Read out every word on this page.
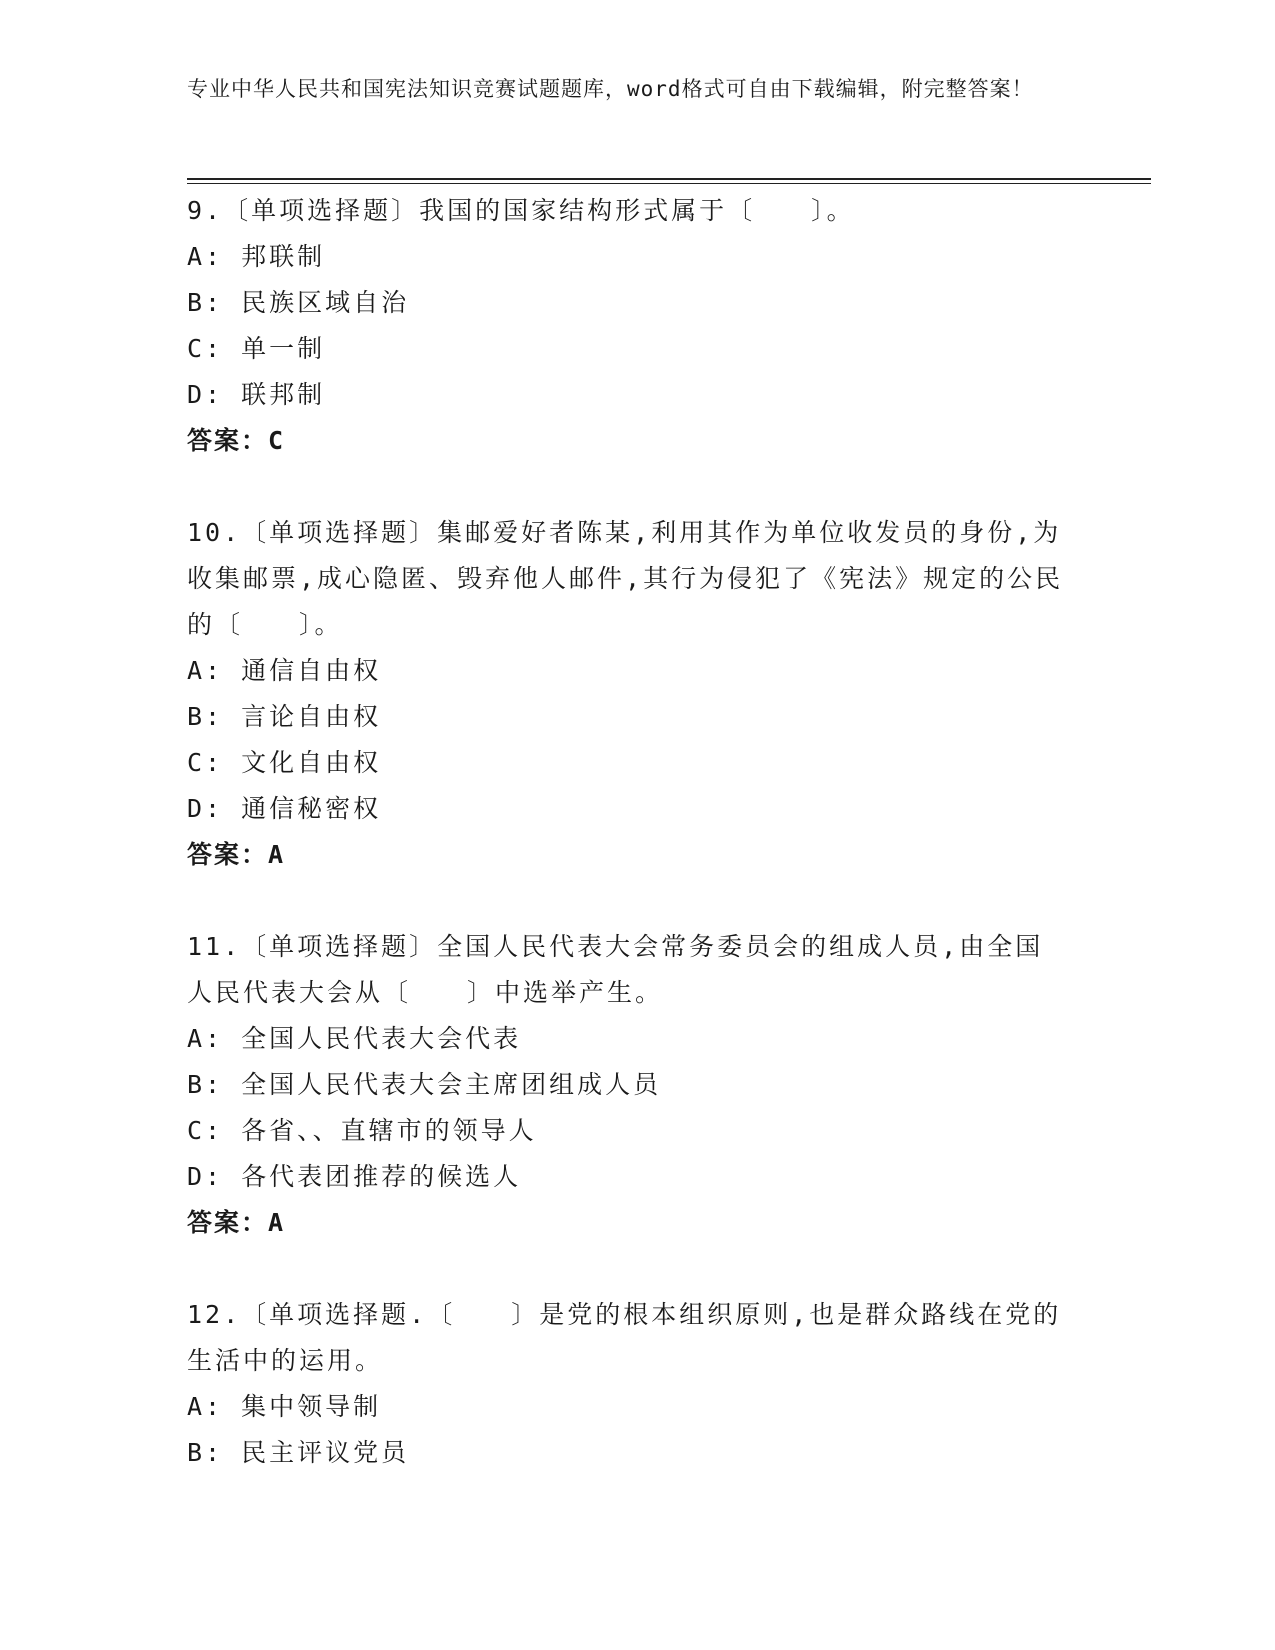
专业中华人民共和国宪法知识竞赛试题题库，word格式可自由下载编辑，附完整答案！
9.〔单项选择题〕我国的国家结构形式属于〔　　〕。
A: 邦联制
B: 民族区域自治
C: 单一制
D: 联邦制
答案：C
10.〔单项选择题〕集邮爱好者陈某,利用其作为单位收发员的身份,为收集邮票,成心隐匿、毁弃他人邮件,其行为侵犯了《宪法》规定的公民的〔　　〕。
A: 通信自由权
B: 言论自由权
C: 文化自由权
D: 通信秘密权
答案：A
11.〔单项选择题〕全国人民代表大会常务委员会的组成人员,由全国人民代表大会从〔　　〕中选举产生。
A: 全国人民代表大会代表
B: 全国人民代表大会主席团组成人员
C: 各省、、直辖市的领导人
D: 各代表团推荐的候选人
答案：A
12.〔单项选择题.〔　　〕是党的根本组织原则,也是群众路线在党的生活中的运用。
A: 集中领导制
B: 民主评议党员
